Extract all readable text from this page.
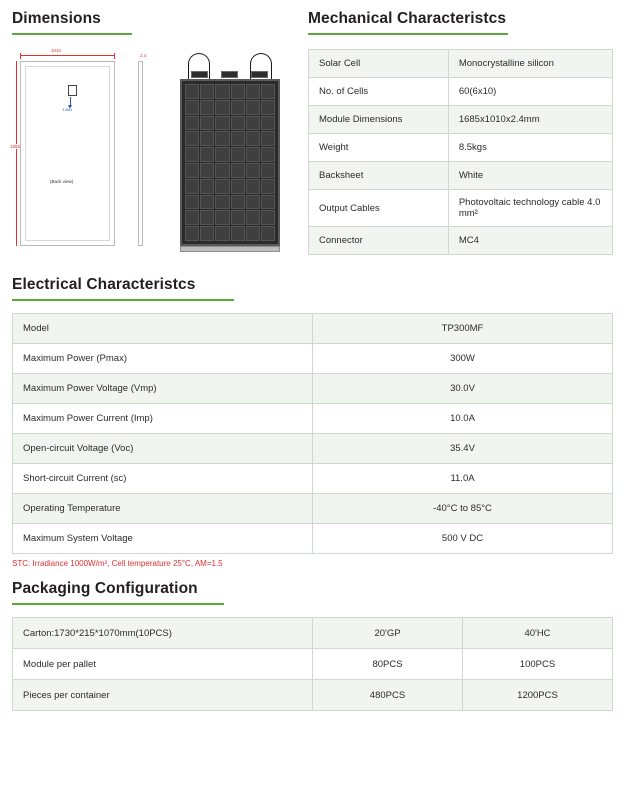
Dimensions
1010
1685
J-Box
(Back view)
2.4
Mechanical Characteristcs
Solar Cell	Monocrystalline silicon
No. of Cells	60(6x10)
Module Dimensions	1685x1010x2.4mm
Weight	8.5kgs
Backsheet	White
Output Cables	Photovoltaic technology cable 4.0 mm²
Connector	MC4
Electrical Characteristcs
Model	TP300MF
Maximum Power (Pmax)	300W
Maximum Power Voltage (Vmp)	30.0V
Maximum Power Current (Imp)	10.0A
Open-circuit Voltage (Voc)	35.4V
Short-circuit Current (sc)	11.0A
Operating Temperature	-40°C to 85°C
Maximum System Voltage	500 V DC
STC: Irradiance 1000W/m², Cell temperature 25°C, AM=1.5
Packaging Configuration
Carton:1730*215*1070mm(10PCS)	20'GP	40'HC
Module per pallet	80PCS	100PCS
Pieces per container	480PCS	1200PCS
